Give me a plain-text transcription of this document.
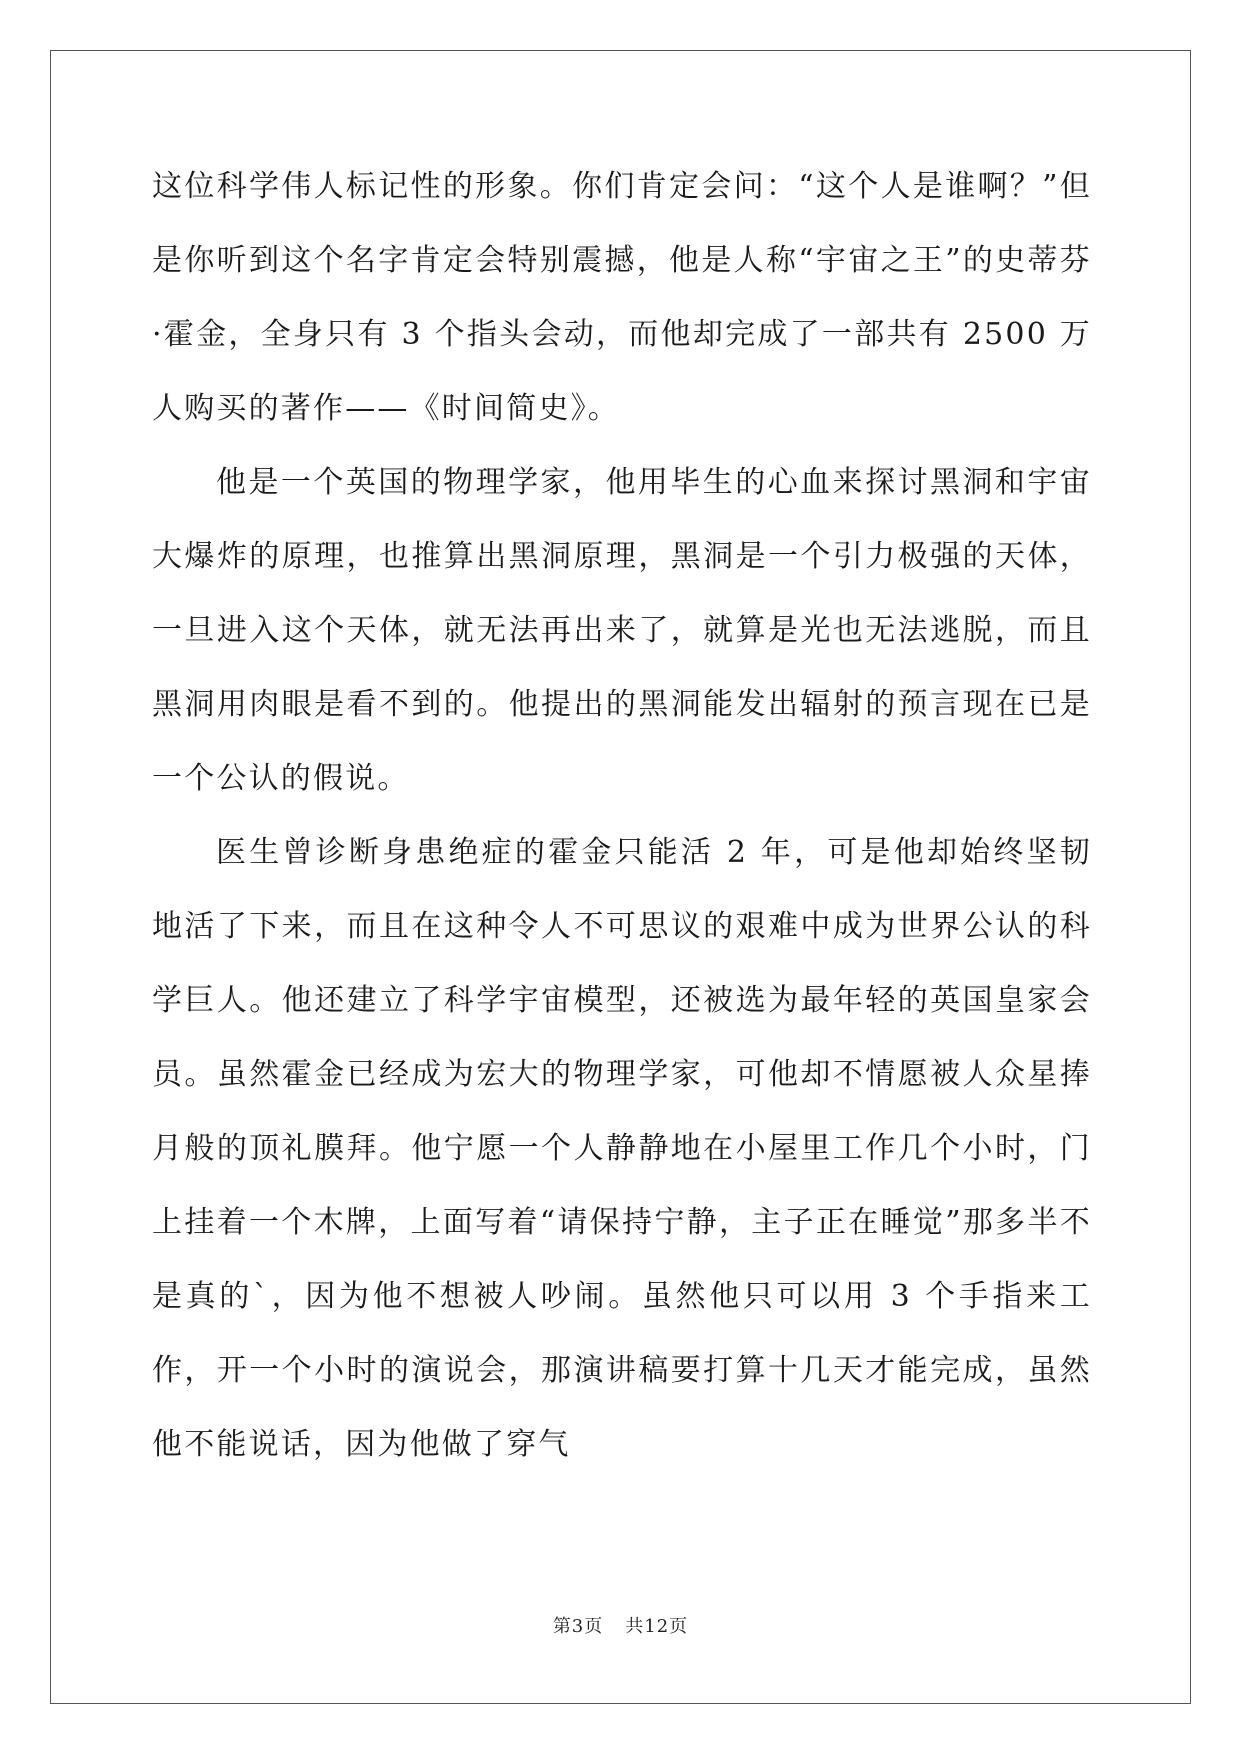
这位科学伟人标记性的形象。你们肯定会问：“这个人是谁啊？”但是你听到这个名字肯定会特别震撼，他是人称“宇宙之王”的史蒂芬·霍金，全身只有 3 个指头会动，而他却完成了一部共有 2500 万人购买的著作——《时间简史》。

他是一个英国的物理学家，他用毕生的心血来探讨黑洞和宇宙大爆炸的原理，也推算出黑洞原理，黑洞是一个引力极强的天体，一旦进入这个天体，就无法再出来了，就算是光也无法逃脱，而且黑洞用肉眼是看不到的。他提出的黑洞能发出辐射的预言现在已是一个公认的假说。

医生曾诊断身患绝症的霍金只能活 2 年，可是他却始终坚韧地活了下来，而且在这种令人不可思议的艰难中成为世界公认的科学巨人。他还建立了科学宇宙模型，还被选为最年轻的英国皇家会员。虽然霍金已经成为宏大的物理学家，可他却不情愿被人众星捧月般的顶礼膜拜。他宁愿一个人静静地在小屋里工作几个小时，门上挂着一个木牌，上面写着“请保持宁静，主子正在睡觉”那多半不是真的`，因为他不想被人吵闹。虽然他只可以用 3 个手指来工作，开一个小时的演说会，那演讲稿要打算十几天才能完成，虽然他不能说话，因为他做了穿气

第3页 共12页
